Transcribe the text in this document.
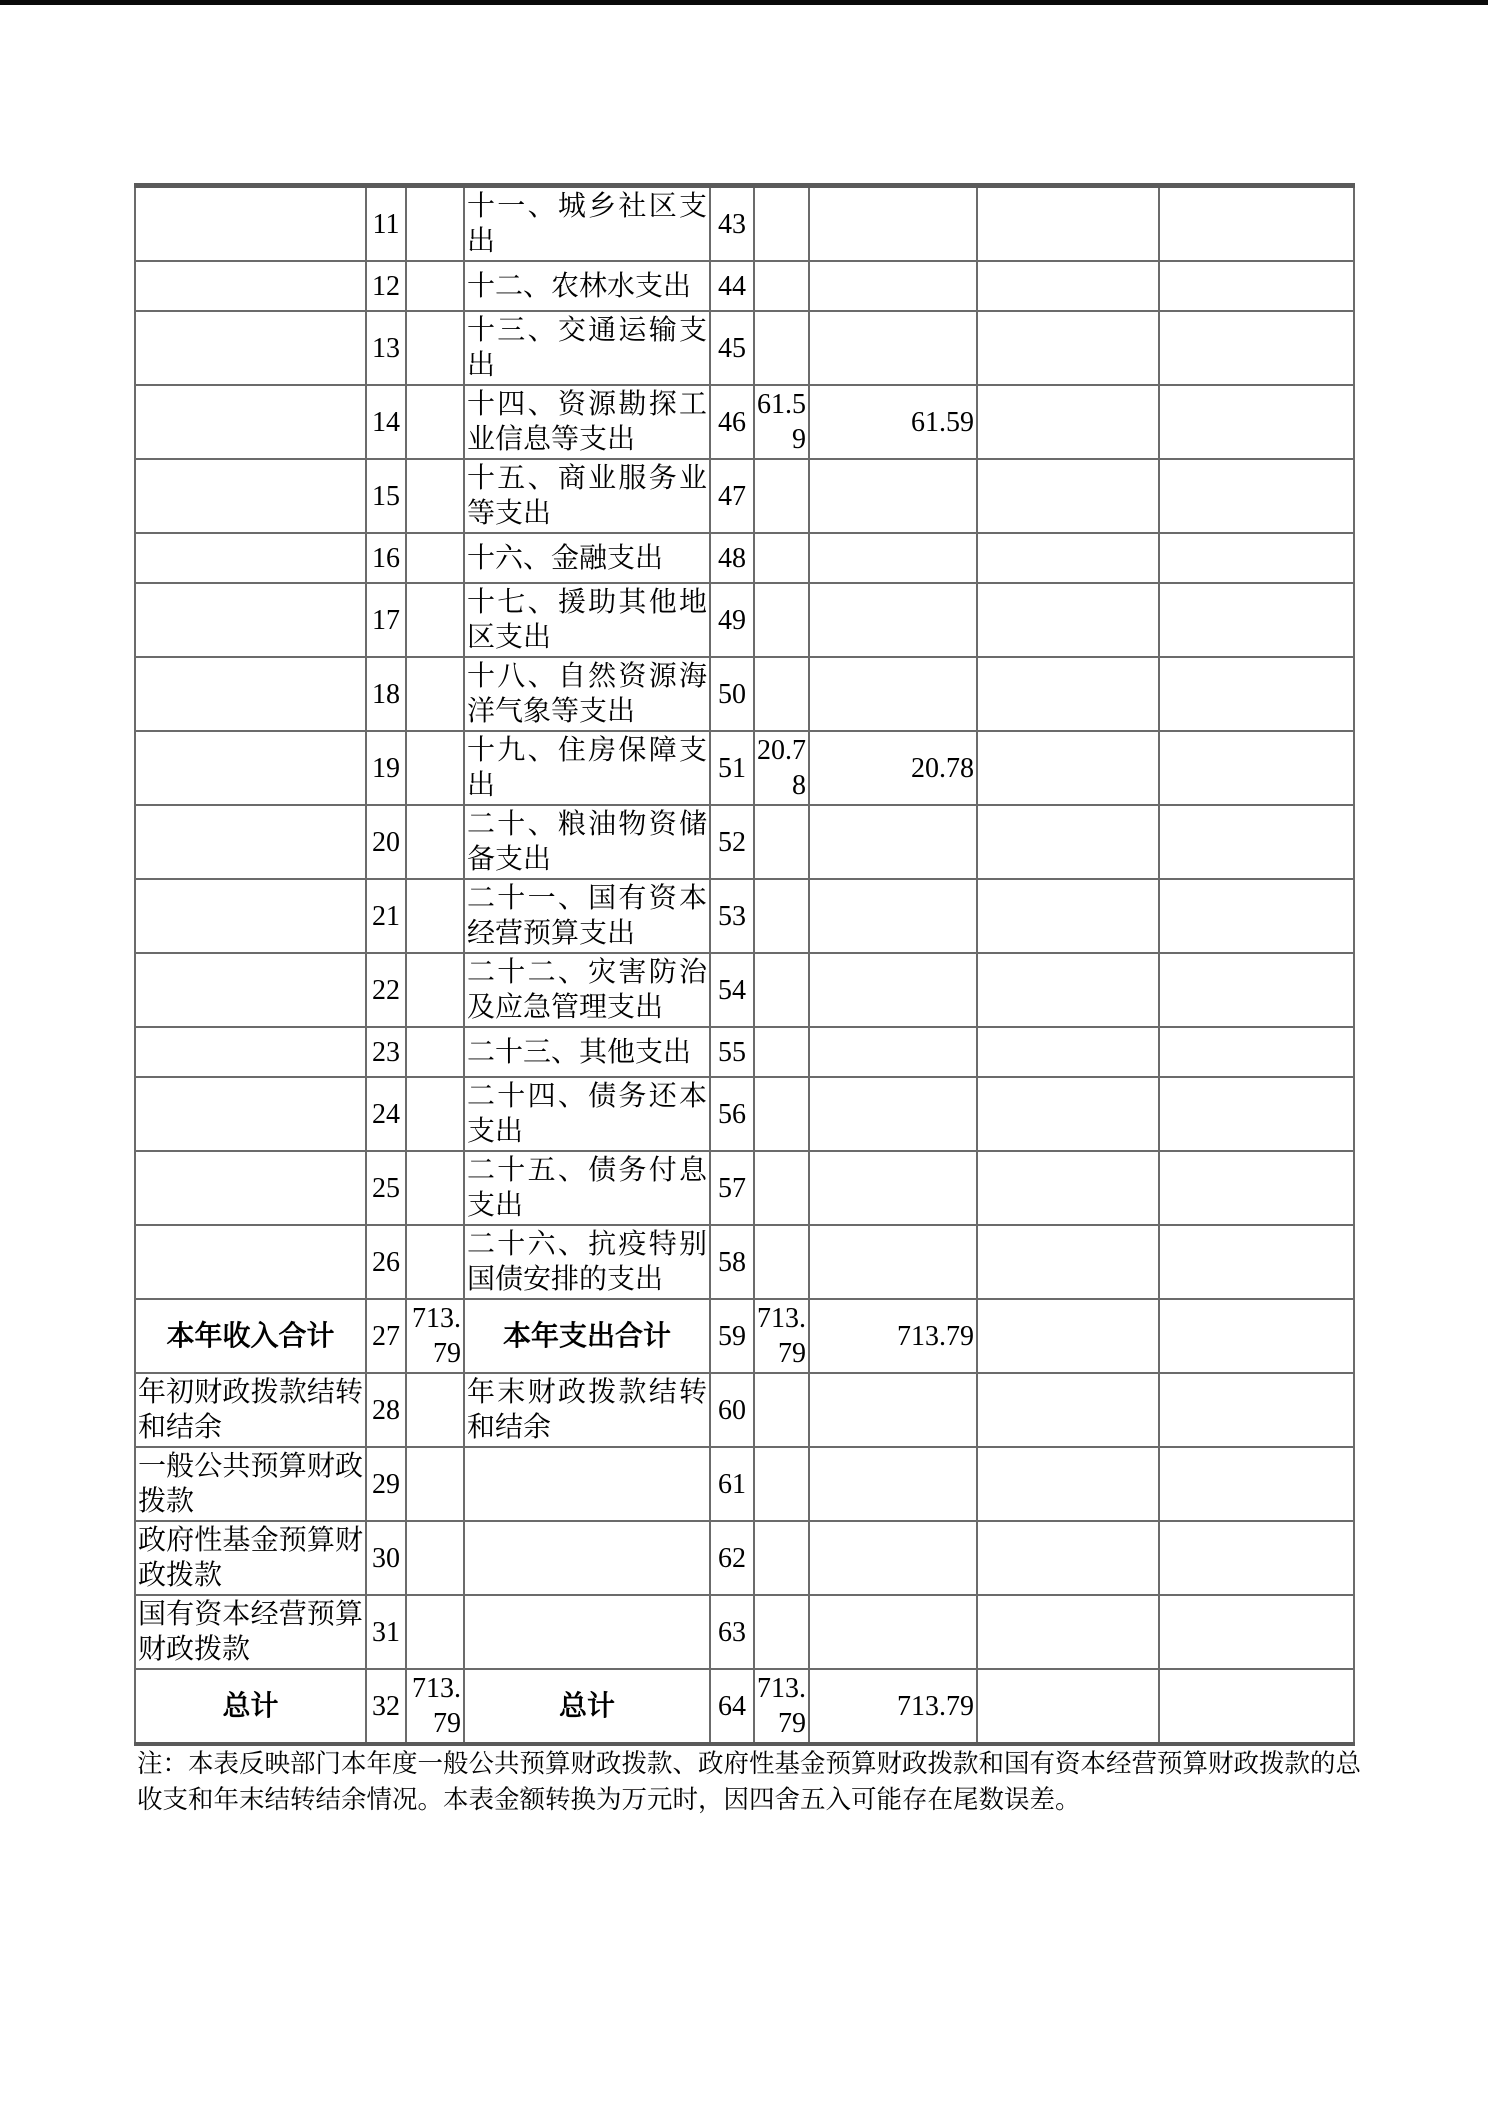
	11		十一、城乡社区支出	43				
	12		十二、农林水支出	44				
	13		十三、交通运输支出	45				
	14		十四、资源勘探工业信息等支出	46	61.59	61.59		
	15		十五、商业服务业等支出	47				
	16		十六、金融支出	48				
	17		十七、援助其他地区支出	49				
	18		十八、自然资源海洋气象等支出	50				
	19		十九、住房保障支出	51	20.78	20.78		
	20		二十、粮油物资储备支出	52				
	21		二十一、国有资本经营预算支出	53				
	22		二十二、灾害防治及应急管理支出	54				
	23		二十三、其他支出	55				
	24		二十四、债务还本支出	56				
	25		二十五、债务付息支出	57				
	26		二十六、抗疫特别国债安排的支出	58				
本年收入合计	27	713.79	本年支出合计	59	713.79	713.79		
年初财政拨款结转和结余	28		年末财政拨款结转和结余	60				
一般公共预算财政拨款	29			61				
政府性基金预算财政拨款	30			62				
国有资本经营预算财政拨款	31			63				
总计	32	713.79	总计	64	713.79	713.79		
注：本表反映部门本年度一般公共预算财政拨款、政府性基金预算财政拨款和国有资本经营预算财政拨款的总收支和年末结转结余情况。本表金额转换为万元时，因四舍五入可能存在尾数误差。
